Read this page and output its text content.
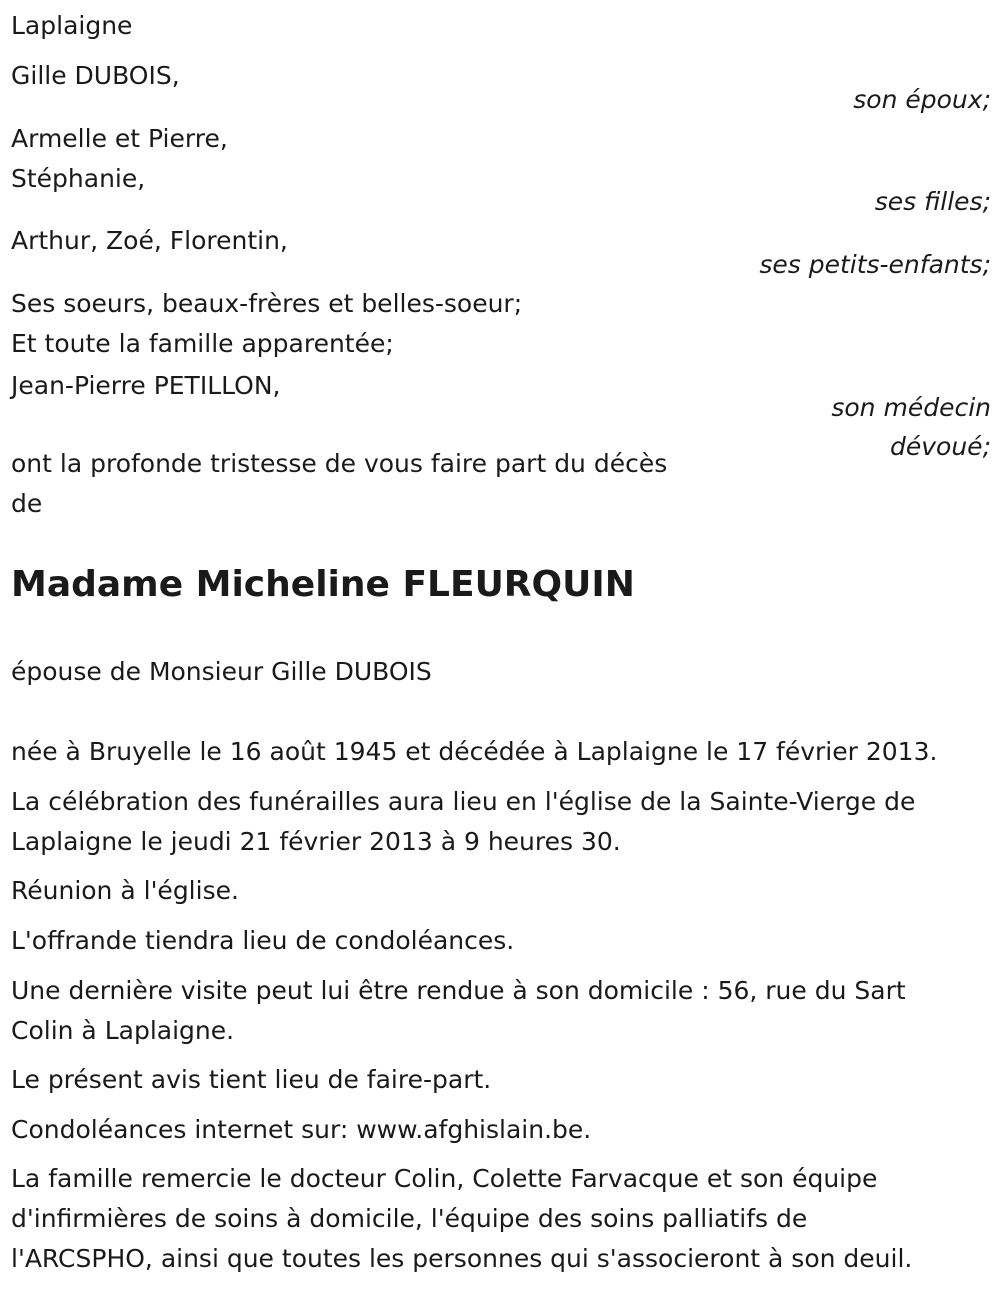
Laplaigne
Gille DUBOIS,
son époux;
Armelle et Pierre,
Stéphanie,
ses filles;
Arthur, Zoé, Florentin,
ses petits-enfants;
Ses soeurs, beaux-frères et belles-soeur;
Et toute la famille apparentée;
Jean-Pierre PETILLON,
son médecin
dévoué;
ont la profonde tristesse de vous faire part du décès
de
Madame Micheline FLEURQUIN
épouse de Monsieur Gille DUBOIS
née à Bruyelle le 16 août 1945 et décédée à Laplaigne le 17 février 2013.
La célébration des funérailles aura lieu en l'église de la Sainte-Vierge de
Laplaigne le jeudi 21 février 2013 à 9 heures 30.
Réunion à l'église.
L'offrande tiendra lieu de condoléances.
Une dernière visite peut lui être rendue à son domicile : 56, rue du Sart
Colin à Laplaigne.
Le présent avis tient lieu de faire-part.
Condoléances internet sur: www.afghislain.be.
La famille remercie le docteur Colin, Colette Farvacque et son équipe
d'infirmières de soins à domicile, l'équipe des soins palliatifs de
l'ARCSPHO, ainsi que toutes les personnes qui s'associeront à son deuil.
